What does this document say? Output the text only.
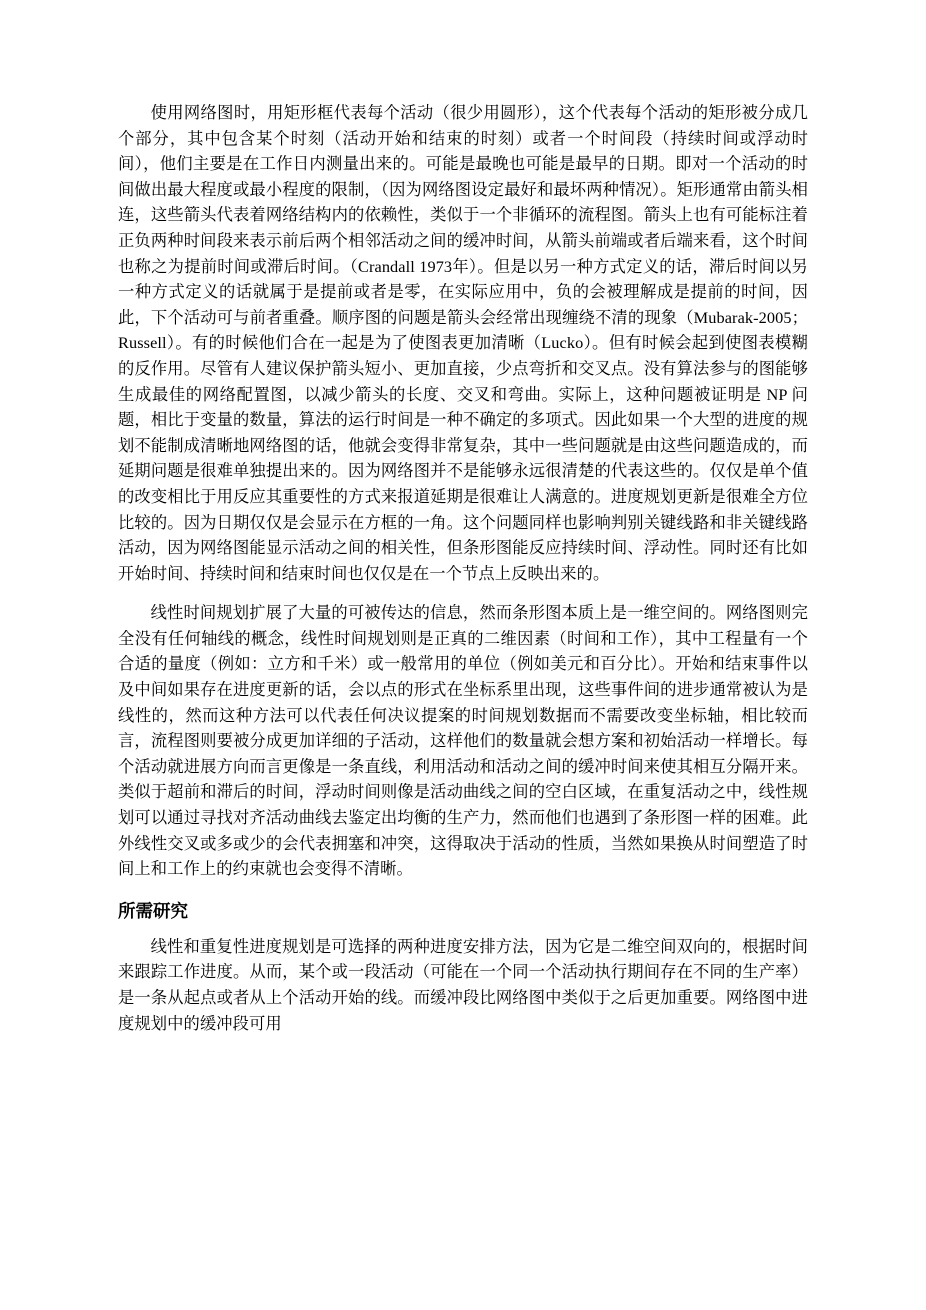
使用网络图时，用矩形框代表每个活动（很少用圆形），这个代表每个活动的矩形被分成几个部分，其中包含某个时刻（活动开始和结束的时刻）或者一个时间段（持续时间或浮动时间），他们主要是在工作日内测量出来的。可能是最晚也可能是最早的日期。即对一个活动的时间做出最大程度或最小程度的限制，（因为网络图设定最好和最坏两种情况）。矩形通常由箭头相连，这些箭头代表着网络结构内的依赖性，类似于一个非循环的流程图。箭头上也有可能标注着正负两种时间段来表示前后两个相邻活动之间的缓冲时间，从箭头前端或者后端来看，这个时间也称之为提前时间或滞后时间。（Crandall 1973年）。但是以另一种方式定义的话，滞后时间以另一种方式定义的话就属于是提前或者是零，在实际应用中，负的会被理解成是提前的时间，因此，下个活动可与前者重叠。顺序图的问题是箭头会经常出现缠绕不清的现象（Mubarak-2005；Russell）。有的时候他们合在一起是为了使图表更加清晰（Lucko）。但有时候会起到使图表模糊的反作用。尽管有人建议保护箭头短小、更加直接，少点弯折和交叉点。没有算法参与的图能够生成最佳的网络配置图，以减少箭头的长度、交叉和弯曲。实际上，这种问题被证明是 NP 问题，相比于变量的数量，算法的运行时间是一种不确定的多项式。因此如果一个大型的进度的规划不能制成清晰地网络图的话，他就会变得非常复杂，其中一些问题就是由这些问题造成的，而延期问题是很难单独提出来的。因为网络图并不是能够永远很清楚的代表这些的。仅仅是单个值的改变相比于用反应其重要性的方式来报道延期是很难让人满意的。进度规划更新是很难全方位比较的。因为日期仅仅是会显示在方框的一角。这个问题同样也影响判别关键线路和非关键线路活动，因为网络图能显示活动之间的相关性，但条形图能反应持续时间、浮动性。同时还有比如开始时间、持续时间和结束时间也仅仅是在一个节点上反映出来的。

线性时间规划扩展了大量的可被传达的信息，然而条形图本质上是一维空间的。网络图则完全没有任何轴线的概念，线性时间规划则是正真的二维因素（时间和工作），其中工程量有一个合适的量度（例如：立方和千米）或一般常用的单位（例如美元和百分比）。开始和结束事件以及中间如果存在进度更新的话，会以点的形式在坐标系里出现，这些事件间的进步通常被认为是线性的，然而这种方法可以代表任何决议提案的时间规划数据而不需要改变坐标轴，相比较而言，流程图则要被分成更加详细的子活动，这样他们的数量就会想方案和初始活动一样增长。每个活动就进展方向而言更像是一条直线，利用活动和活动之间的缓冲时间来使其相互分隔开来。类似于超前和滞后的时间，浮动时间则像是活动曲线之间的空白区域，在重复活动之中，线性规划可以通过寻找对齐活动曲线去鉴定出均衡的生产力，然而他们也遇到了条形图一样的困难。此外线性交叉或多或少的会代表拥塞和冲突，这得取决于活动的性质，当然如果换从时间塑造了时间上和工作上的约束就也会变得不清晰。

所需研究

线性和重复性进度规划是可选择的两种进度安排方法，因为它是二维空间双向的，根据时间来跟踪工作进度。从而，某个或一段活动（可能在一个同一个活动执行期间存在不同的生产率）是一条从起点或者从上个活动开始的线。而缓冲段比网络图中类似于之后更加重要。网络图中进度规划中的缓冲段可用
